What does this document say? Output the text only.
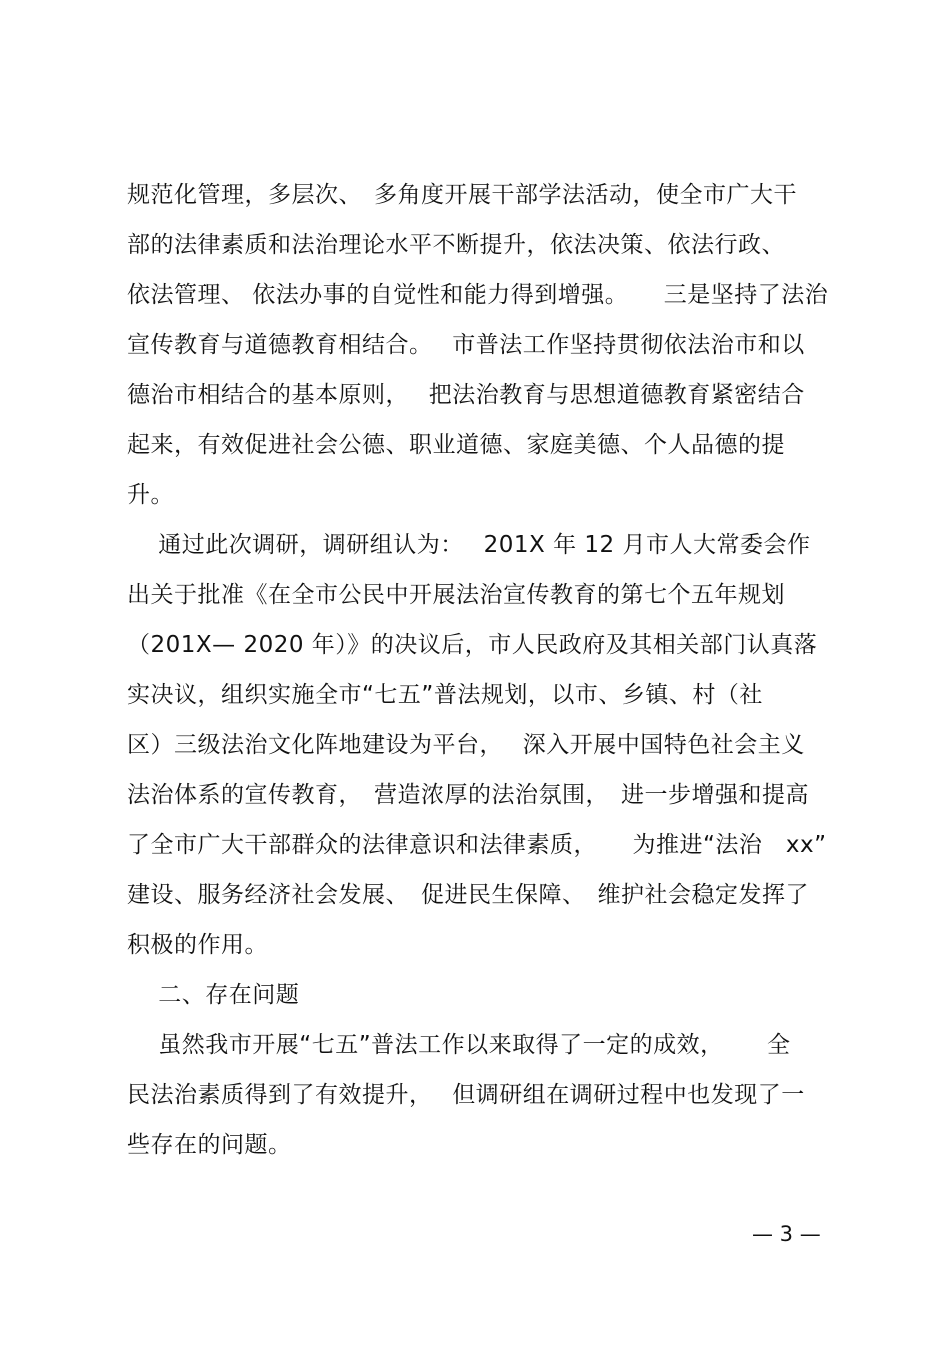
规范化管理，多层次、　多角度开展干部学法活动，使全市广大干
部的法律素质和法治理论水平不断提升，依法决策、依法行政、
依法管理、 依法办事的自觉性和能力得到增强。　　三是坚持了法治
宣传教育与道德教育相结合。　 市普法工作坚持贯彻依法治市和以
德治市相结合的基本原则，　 把法治教育与思想道德教育紧密结合
起来，有效促进社会公德、职业道德、家庭美德、个人品德的提
升。
　 通过此次调研，调研组认为：　 201X 年 12 月市人大常委会作
出关于批准《在全市公民中开展法治宣传教育的第七个五年规划
（201X— 2020 年）》的决议后，市人民政府及其相关部门认真落
实决议，组织实施全市“七五”普法规划，以市、乡镇、村（社
区）三级法治文化阵地建设为平台，　 深入开展中国特色社会主义
法治体系的宣传教育，　营造浓厚的法治氛围，　进一步增强和提高
了全市广大干部群众的法律意识和法律素质，　　为推进“法治　xx”
建设、服务经济社会发展、　促进民生保障、　维护社会稳定发挥了
积极的作用。
　 二、存在问题
　 虽然我市开展“七五”普法工作以来取得了一定的成效，　　 全
民法治素质得到了有效提升，　 但调研组在调研过程中也发现了一
些存在的问题。
— 3 —
